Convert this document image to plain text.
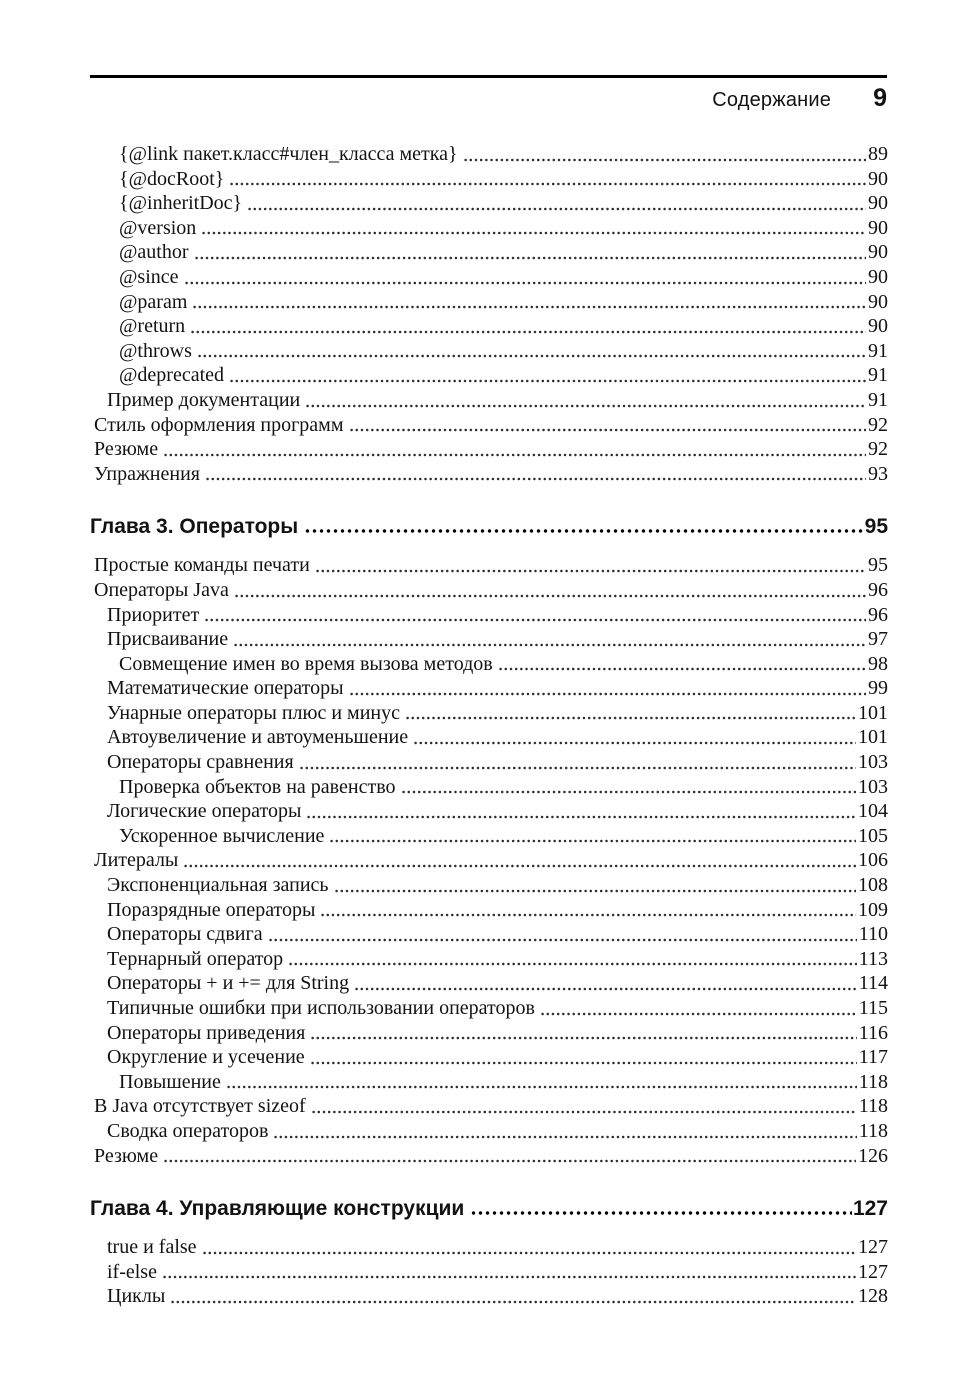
Содержание 9
{@link пакет.класс#член_класса метка}	89
{@docRoot}	90
{@inheritDoc}	90
@version	90
@author	90
@since	90
@param	90
@return	90
@throws	91
@deprecated	91
Пример документации	91
Стиль оформления программ	92
Резюме	92
Упражнения	93
Глава 3. Операторы	95
Простые команды печати	95
Операторы Java	96
Приоритет	96
Присваивание	97
Совмещение имен во время вызова методов	98
Математические операторы	99
Унарные операторы плюс и минус	101
Автоувеличение и автоуменьшение	101
Операторы сравнения	103
Проверка объектов на равенство	103
Логические операторы	104
Ускоренное вычисление	105
Литералы	106
Экспоненциальная запись	108
Поразрядные операторы	109
Операторы сдвига	110
Тернарный оператор	113
Операторы + и += для String	114
Типичные ошибки при использовании операторов	115
Операторы приведения	116
Округление и усечение	117
Повышение	118
В Java отсутствует sizeof	118
Сводка операторов	118
Резюме	126
Глава 4. Управляющие конструкции	127
true и false	127
if-else	127
Циклы	128
